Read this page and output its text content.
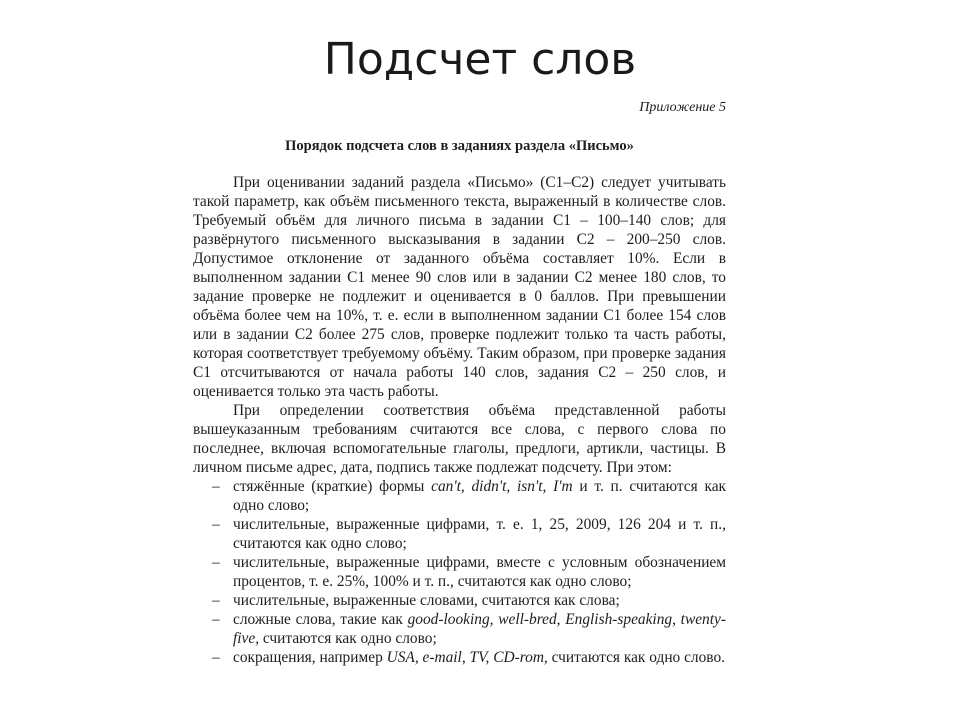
Подсчет слов

Приложение 5

Порядок подсчета слов в заданиях раздела «Письмо»

При оценивании заданий раздела «Письмо» (С1–С2) следует учитывать такой параметр, как объём письменного текста, выраженный в количестве слов. Требуемый объём для личного письма в задании С1 – 100–140 слов; для развёрнутого письменного высказывания в задании С2 – 200–250 слов. Допустимое отклонение от заданного объёма составляет 10%. Если в выполненном задании С1 менее 90 слов или в задании С2 менее 180 слов, то задание проверке не подлежит и оценивается в 0 баллов. При превышении объёма более чем на 10%, т. е. если в выполненном задании С1 более 154 слов или в задании С2 более 275 слов, проверке подлежит только та часть работы, которая соответствует требуемому объёму. Таким образом, при проверке задания С1 отсчитываются от начала работы 140 слов, задания С2 – 250 слов, и оценивается только эта часть работы.

При определении соответствия объёма представленной работы вышеуказанным требованиям считаются все слова, с первого слова по последнее, включая вспомогательные глаголы, предлоги, артикли, частицы. В личном письме адрес, дата, подпись также подлежат подсчету. При этом:

– стяжённые (краткие) формы can't, didn't, isn't, I'm и т. п. считаются как одно слово;
– числительные, выраженные цифрами, т. е. 1, 25, 2009, 126 204 и т. п., считаются как одно слово;
– числительные, выраженные цифрами, вместе с условным обозначением процентов, т. е. 25%, 100% и т. п., считаются как одно слово;
– числительные, выраженные словами, считаются как слова;
– сложные слова, такие как good-looking, well-bred, English-speaking, twenty-five, считаются как одно слово;
– сокращения, например USA, e-mail, TV, CD-rom, считаются как одно слово.
